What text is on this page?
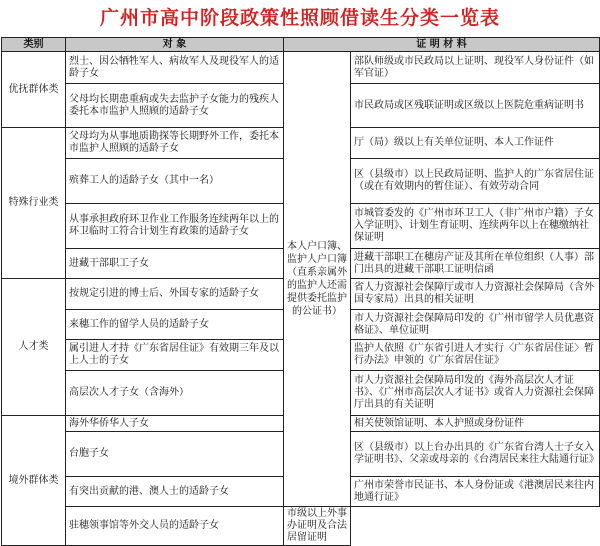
广州市高中阶段政策性照顾借读生分类一览表
类别	对 象	证 明 材 料	
优抚群体类	烈士、因公牺牲军人、病故军人及现役军人的适龄子女	本人户口簿、监护人户口簿（直系亲属外的监护人还需提供委托监护的公证书）	部队师级或市民政局以上证明、现役军人身份证件（如军官证）
	父母均长期患重病或失去监护子女能力的残疾人委托本市监护人照顾的适龄子女		市民政局或区残联证明或区级以上医院危重病证明书
特殊行业类	父母均为从事地质勘探等长期野外工作，委托本市监护人照顾的适龄子女		厅（局）级以上有关单位证明、本人工作证件
	殡葬工人的适龄子女（其中一名）		区（县级市）以上民政局证明、监护人的广东省居住证（或在有效期内的暂住证）、有效劳动合同
	从事承担政府环卫作业工作服务连续两年以上的环卫临时工符合计划生育政策的适龄子女		市城管委发的《广州市环卫工人（非广州市户籍）子女入学证明》、计划生育证明、连续两年以上在穗缴纳社保证明
	进藏干部职工子女		进藏干部职工在穗房产证及其所在单位组织（人事）部门出具的进藏干部职工证明信函
人才类	按规定引进的博士后、外国专家的适龄子女		省人力资源社会保障厅或市人力资源社会保障局（含外国专家局）出具的相关证明
	来穗工作的留学人员的适龄子女		市人力资源社会保障局印发的《广州市留学人员优惠资格证》、单位证明
	属引进人才持《广东省居住证》有效期三年及以上人士的子女		监护人依照《广东省引进人才实行〈广东省居住证〉暂行办法》申领的《广东省居住证》
	高层次人才子女（含海外）		市人力资源社会保障局印发的《海外高层次人才证书》、《广州市高层次人才证书》或省人力资源社会保障厅出具的有关证明
境外群体类	海外华侨华人子女		相关使领馆证明、本人护照或身份证件
	台胞子女		区（县级市）以上台办出具的《广东省台湾人士子女入学证明书》、父亲或母亲的《台湾居民来往大陆通行证》
	有突出贡献的港、澳人士的适龄子女		广州市荣誉市民证书、本人身份证或《港澳居民来往内地通行证》
	驻穗领事馆等外交人员的适龄子女	市级以上外事办证明及合法居留证明	
